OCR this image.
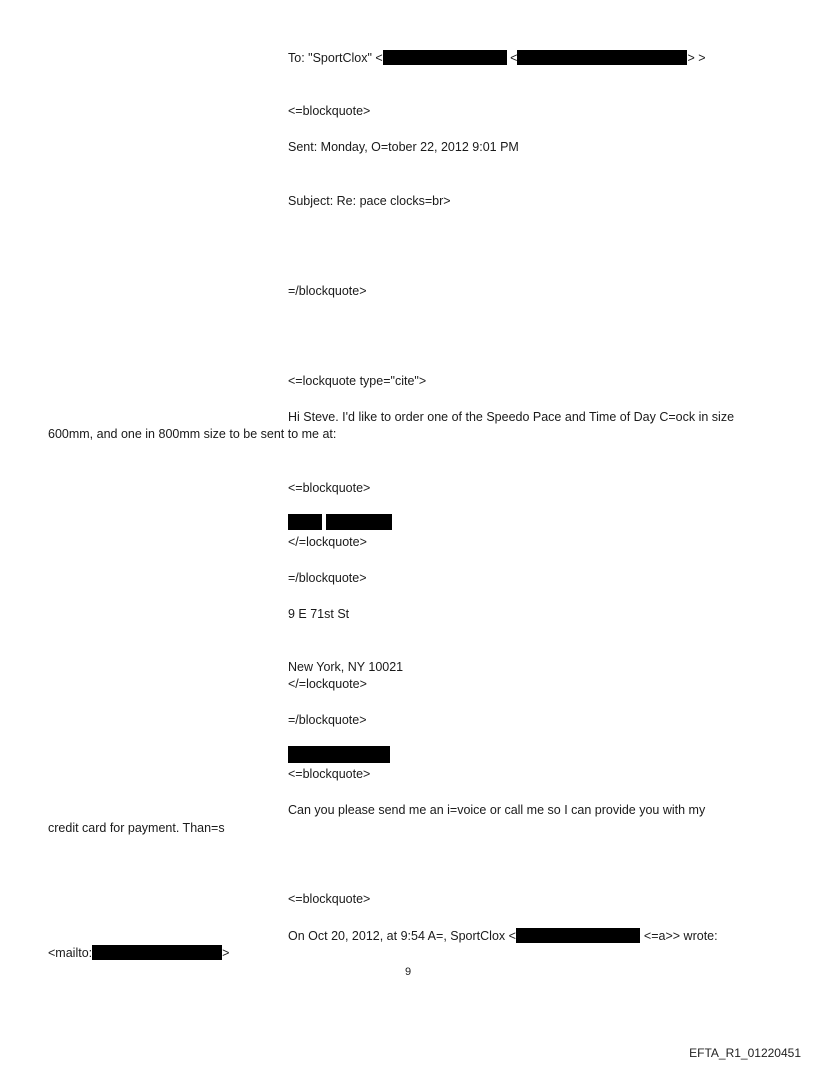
To: "SportClox" <	<	> >
<=blockquote>
Sent: Monday, O=tober 22, 2012 9:01 PM
Subject: Re: pace clocks=br>
=/blockquote>
<=lockquote type="cite">
Hi Steve. I'd like to order one of the Speedo Pace and Time of Day C=ock in size
600mm, and one in 800mm size to be sent to me at:
<=blockquote>
</=lockquote>
=/blockquote>
9 E 71st St
New York, NY 10021
</=lockquote>
=/blockquote>
<=blockquote>
Can you please send me an i=voice or call me so I can provide you with my
credit card for payment. Than=s
<=blockquote>
On Oct 20, 2012, at 9:54 A=, SportClox <	<=a>> wrote:
<mailto:	>
9
EFTA_R1_01220451
